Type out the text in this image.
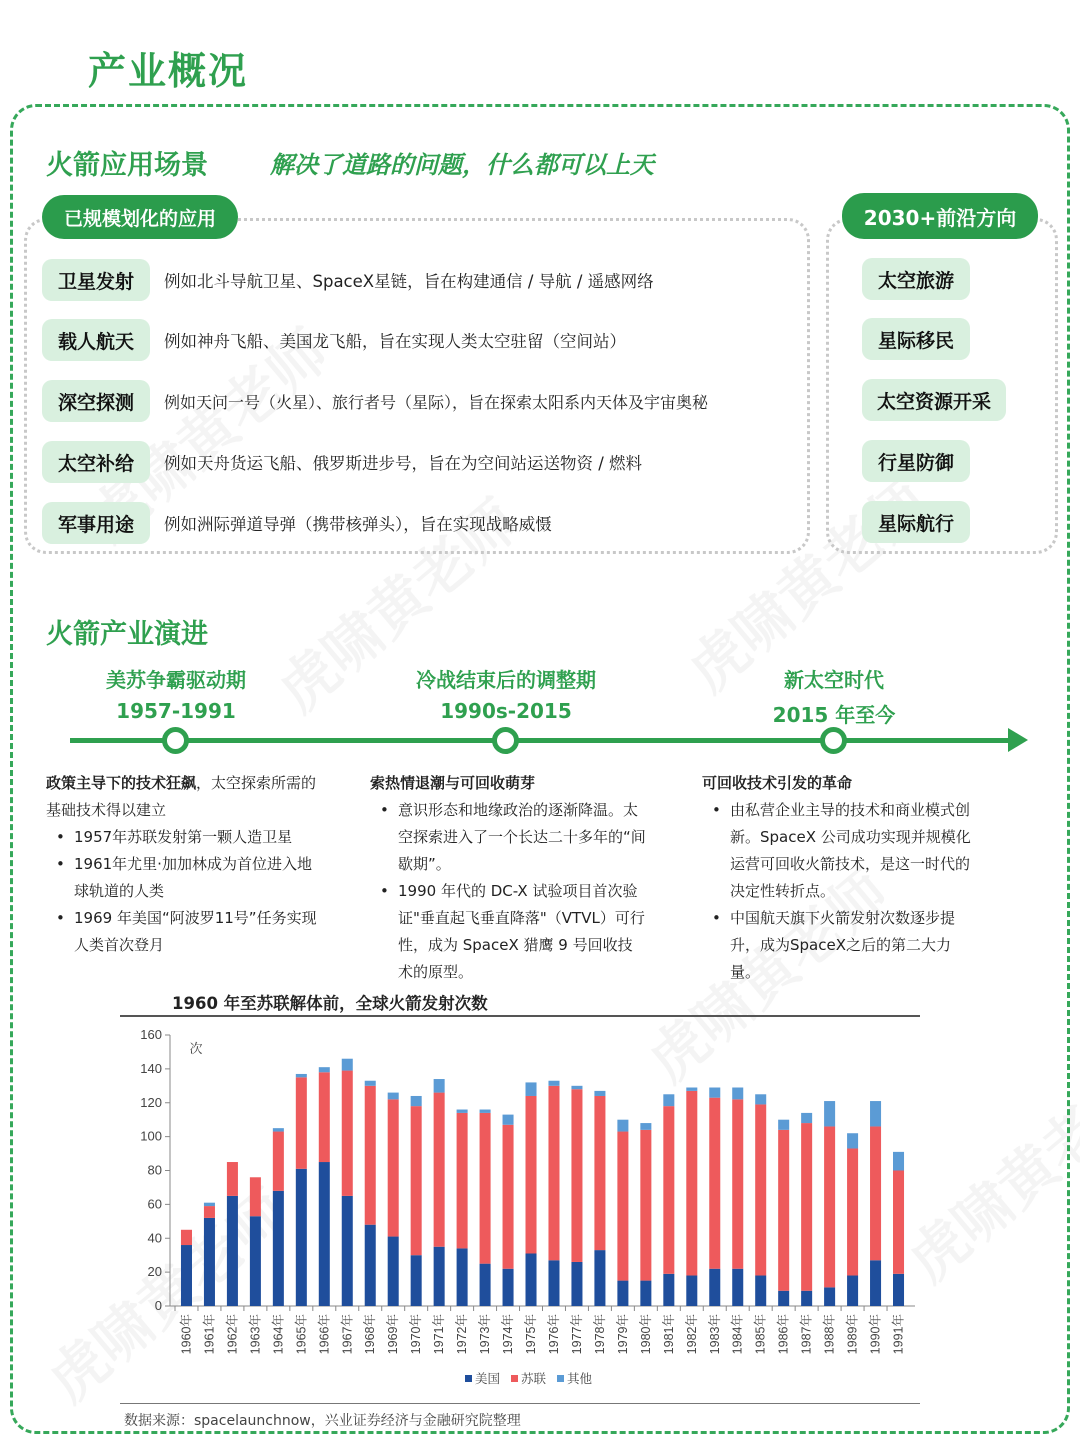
产业概况
火箭应用场景	解决了道路的问题，什么都可以上天
已规模划化的应用
卫星发射	例如北斗导航卫星、SpaceX星链，旨在构建通信 / 导航 / 遥感网络
载人航天	例如神舟飞船、美国龙飞船，旨在实现人类太空驻留（空间站）
深空探测	例如天问一号（火星）、旅行者号（星际），旨在探索太阳系内天体及宇宙奥秘
太空补给	例如天舟货运飞船、俄罗斯进步号，旨在为空间站运送物资 / 燃料
军事用途	例如洲际弹道导弹（携带核弹头），旨在实现战略威慑
2030+前沿方向
太空旅游
星际移民
太空资源开采
行星防御
星际航行
火箭产业演进
美苏争霸驱动期
1957-1991
冷战结束后的调整期
1990s-2015
新太空时代
2015 年至今
政策主导下的技术狂飙，太空探索所需的基础技术得以建立
• 1957年苏联发射第一颗人造卫星
• 1961年尤里·加加林成为首位进入地球轨道的人类
• 1969 年美国“阿波罗11号”任务实现人类首次登月
索热情退潮与可回收萌芽
• 意识形态和地缘政治的逐渐降温。太空探索进入了一个长达二十多年的“间歇期”。
• 1990 年代的 DC-X 试验项目首次验证"垂直起飞垂直降落"（VTVL）可行性，成为 SpaceX 猎鹰 9 号回收技术的原型。
可回收技术引发的革命
• 由私营企业主导的技术和商业模式创新。SpaceX 公司成功实现并规模化运营可回收火箭技术，是这一时代的决定性转折点。
• 中国航天旗下火箭发射次数逐步提升，成为SpaceX之后的第二大力量。
1960 年至苏联解体前，全球火箭发射次数
0
20
40
60
80
100
120
140
160
次
1960年 1961年 1962年 1963年 1964年 1965年 1966年 1967年 1968年 1969年 1970年 1971年 1972年 1973年 1974年 1975年 1976年 1977年 1978年 1979年 1980年 1981年 1982年 1983年 1984年 1985年 1986年 1987年 1988年 1989年 1990年 1991年
美国 苏联 其他
数据来源：spacelaunchnow，兴业证券经济与金融研究院整理
